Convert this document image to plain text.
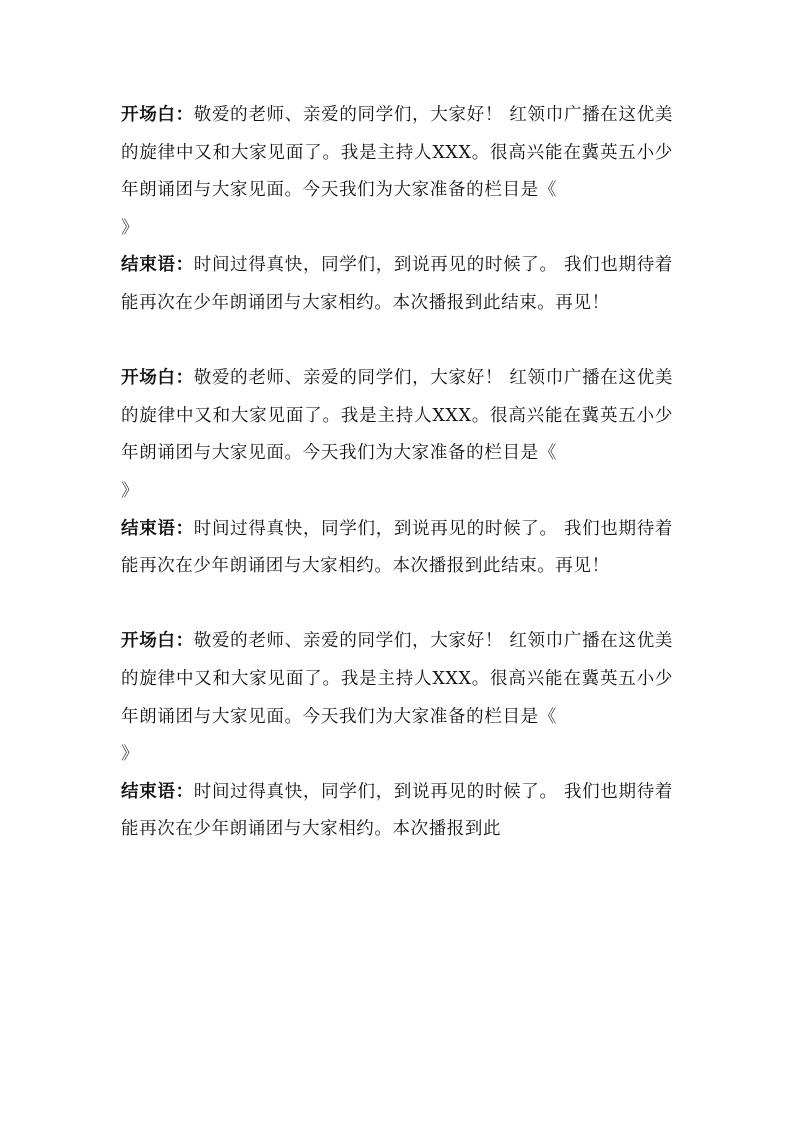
开场白：敬爱的老师、亲爱的同学们，大家好！ 红领巾广播在这优美的旋律中又和大家见面了。我是主持人XXX。很高兴能在冀英五小少年朗诵团与大家见面。今天我们为大家准备的栏目是《》

结束语：时间过得真快，同学们，到说再见的时候了。 我们也期待着能再次在少年朗诵团与大家相约。本次播报到此结束。再见！

开场白：敬爱的老师、亲爱的同学们，大家好！ 红领巾广播在这优美的旋律中又和大家见面了。我是主持人XXX。很高兴能在冀英五小少年朗诵团与大家见面。今天我们为大家准备的栏目是《》

结束语：时间过得真快，同学们，到说再见的时候了。 我们也期待着能再次在少年朗诵团与大家相约。本次播报到此结束。再见！

开场白：敬爱的老师、亲爱的同学们，大家好！ 红领巾广播在这优美的旋律中又和大家见面了。我是主持人XXX。很高兴能在冀英五小少年朗诵团与大家见面。今天我们为大家准备的栏目是《》

结束语：时间过得真快，同学们，到说再见的时候了。 我们也期待着能再次在少年朗诵团与大家相约。本次播报到此
